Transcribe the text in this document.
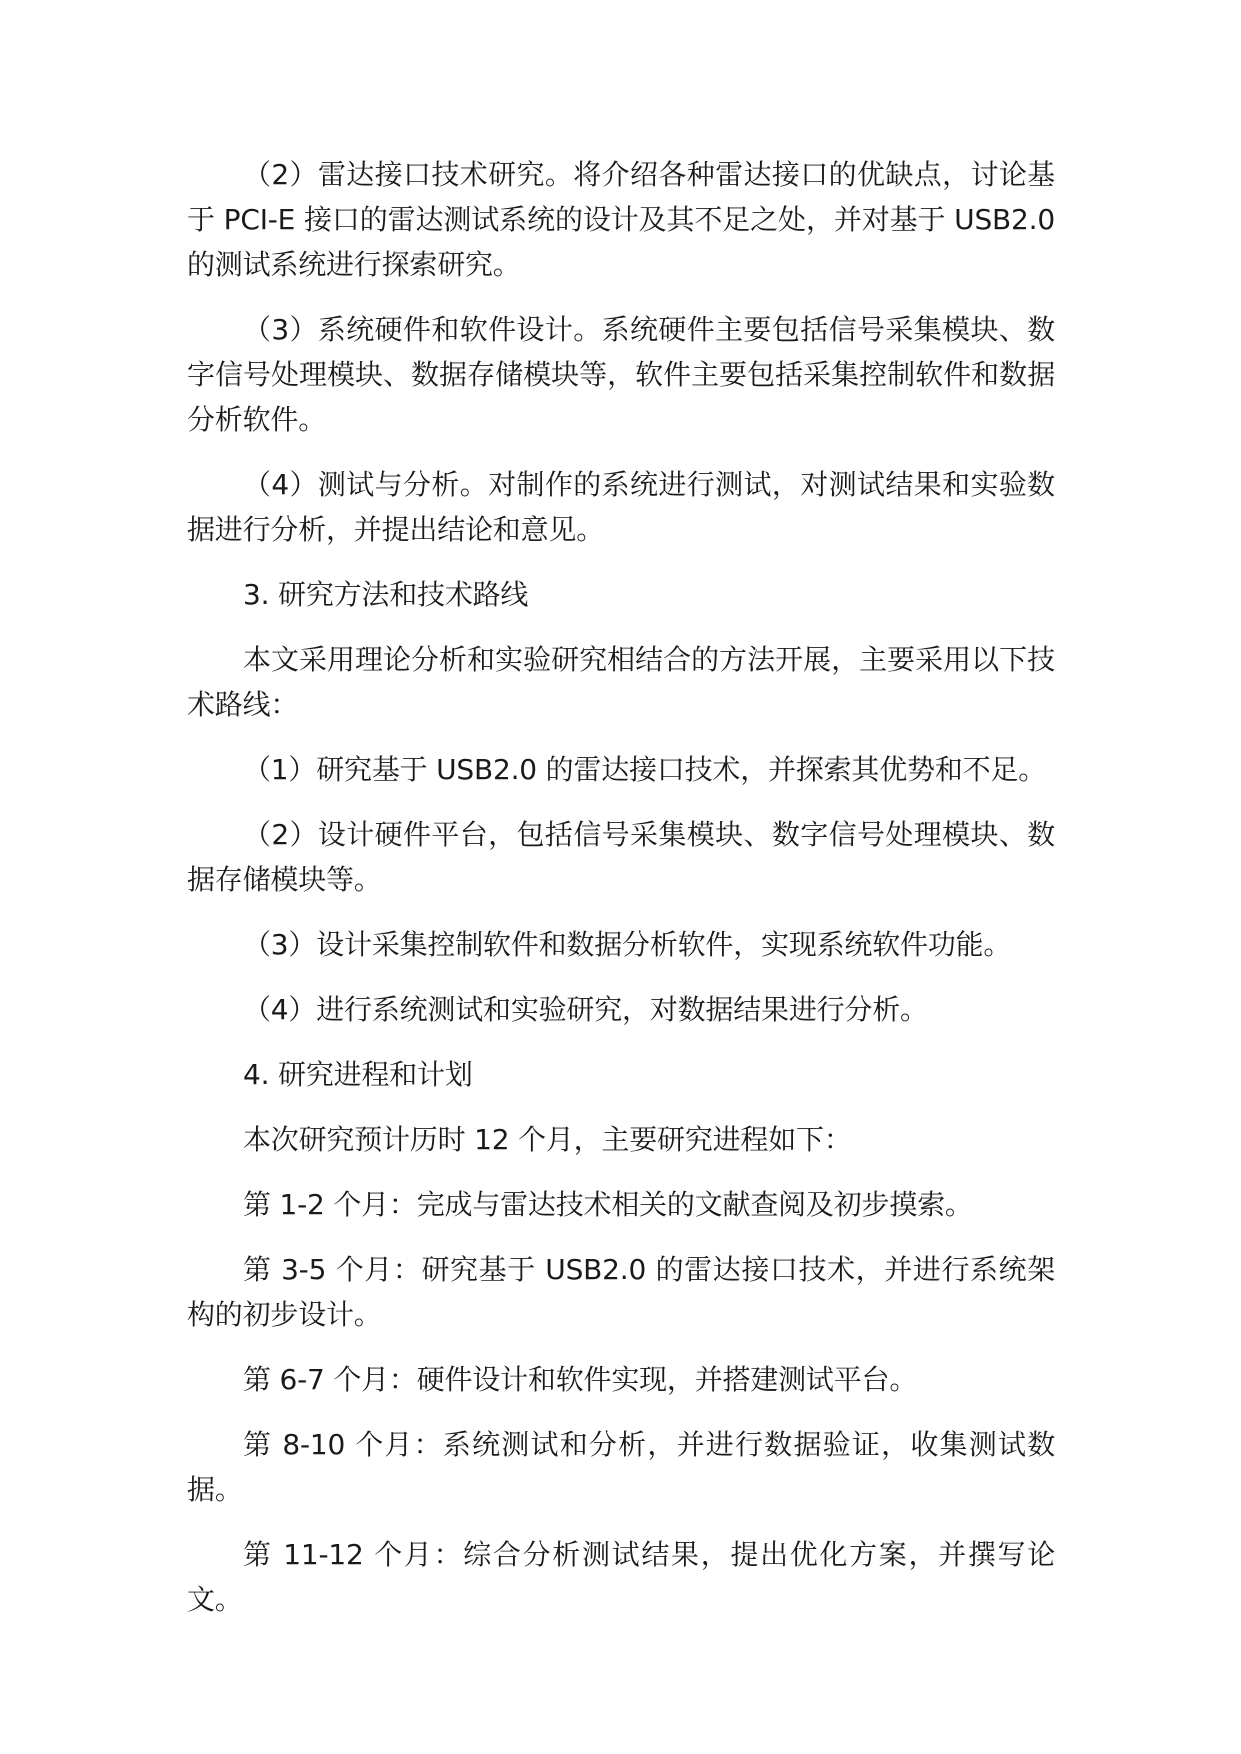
（2）雷达接口技术研究。将介绍各种雷达接口的优缺点，讨论基于 PCI-E 接口的雷达测试系统的设计及其不足之处，并对基于 USB2.0 的测试系统进行探索研究。

（3）系统硬件和软件设计。系统硬件主要包括信号采集模块、数字信号处理模块、数据存储模块等，软件主要包括采集控制软件和数据分析软件。

（4）测试与分析。对制作的系统进行测试，对测试结果和实验数据进行分析，并提出结论和意见。

3. 研究方法和技术路线

本文采用理论分析和实验研究相结合的方法开展，主要采用以下技术路线：

（1）研究基于 USB2.0 的雷达接口技术，并探索其优势和不足。

（2）设计硬件平台，包括信号采集模块、数字信号处理模块、数据存储模块等。

（3）设计采集控制软件和数据分析软件，实现系统软件功能。

（4）进行系统测试和实验研究，对数据结果进行分析。

4. 研究进程和计划

本次研究预计历时 12 个月，主要研究进程如下：

第 1-2 个月：完成与雷达技术相关的文献查阅及初步摸索。

第 3-5 个月：研究基于 USB2.0 的雷达接口技术，并进行系统架构的初步设计。

第 6-7 个月：硬件设计和软件实现，并搭建测试平台。

第 8-10 个月：系统测试和分析，并进行数据验证，收集测试数据。

第 11-12 个月：综合分析测试结果，提出优化方案，并撰写论文。
